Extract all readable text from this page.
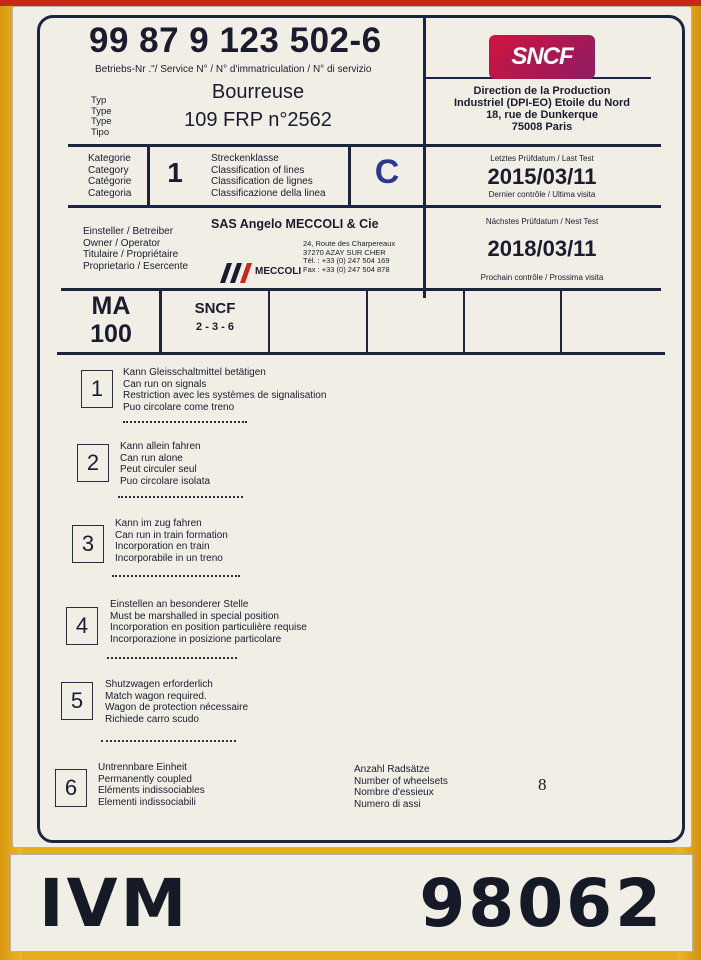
99 87 9 123 502-6
Betriebs-Nr ."/ Service N° / N° d'immatriculation / N° di servizio
Typ
Type
Type
Tipo
Bourreuse
109 FRP n°2562
SNCF
Direction de la Production
Industriel (DPI-EO) Etoile du Nord
18, rue de Dunkerque
75008 Paris
Kategorie
Category
Catégorie
Categoria
1	Streckenklasse
Classification of lines
Classification de lignes
Classificazione della linea
C	Letztes Prüfdatum / Last Test
2015/03/11
Dernier contrôle / Ultima visita
Einsteller / Betreiber
Owner / Operator
Titulaire / Propriétaire
Proprietario / Esercente
SAS Angelo MECCOLI & Cie
MECCOLI
24, Route des Charpereaux
37270 AZAY SUR CHER
Tél. : +33 (0) 247 504 169
Fax : +33 (0) 247 504 878
Nächstes Prüfdatum / Nest Test
2018/03/11
Prochain contrôle / Prossima visita
MA
100
SNCF
2 - 3 - 6
1
Kann Gleisschaltmittel betätigen
Can run on signals
Restriction avec les systèmes de signalisation
Puo circolare come treno
2
Kann allein fahren
Can run alone
Peut circuler seul
Puo circolare isolata
3
Kann im zug fahren
Can run in train formation
Incorporation en train
Incorporabile in un treno
4
Einstellen an besonderer Stelle
Must be marshalled in special position
Incorporation en position particulière requise
Incorporazione in posizione particolare
5
Shutzwagen erforderlich
Match wagon required.
Wagon de protection nécessaire
Richiede carro scudo
6
Untrennbare Einheit
Permanently coupled
Eléments indissociables
Elementi indissociabili
Anzahl Radsätze
Number of wheelsets
Nombre d'essieux
Numero di assi
8
IVM	98062
